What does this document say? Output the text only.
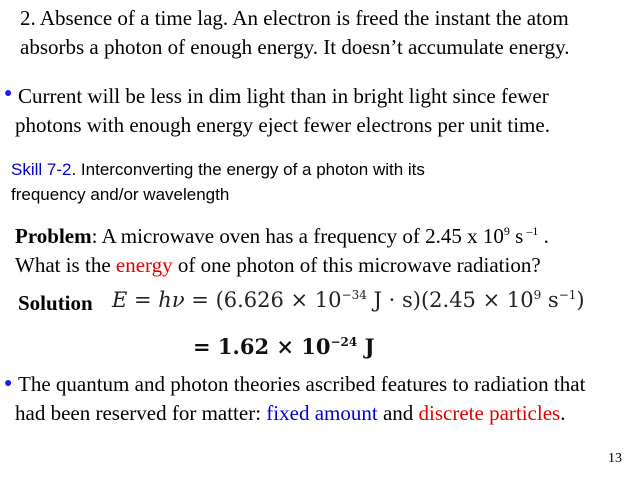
2. Absence of a time lag. An electron is freed the instant the atom
absorbs a photon of enough energy. It doesn’t accumulate energy.
● Current will be less in dim light than in bright light since fewer
photons with enough energy eject fewer electrons per unit time.
Skill 7-2. Interconverting the energy of a photon with its
frequency and/or wavelength
Problem: A microwave oven has a frequency of 2.45 x $10^9$ s $^{-1}$ .
What is the energy of one photon of this microwave radiation?
Solution $E = h\nu = (6.626 \times 10^{-34}$ $J \cdot s)(2.45 \times 10^9$ $s^{-1}$)
= $1.62 \times 10^{-24}$ J
● The quantum and photon theories ascribed features to radiation that
had been reserved for matter: fixed amount and discrete particles.
13
